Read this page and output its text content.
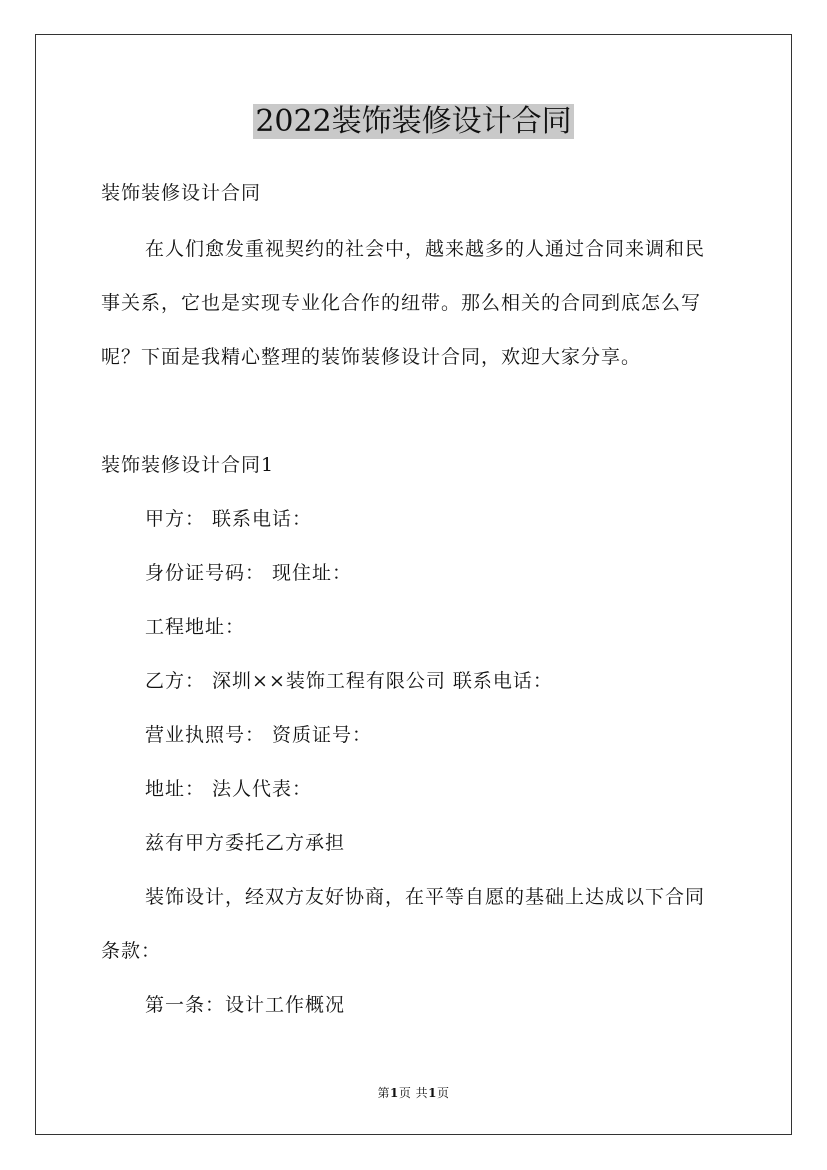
2022装饰装修设计合同
装饰装修设计合同
在人们愈发重视契约的社会中，越来越多的人通过合同来调和民
事关系，它也是实现专业化合作的纽带。那么相关的合同到底怎么写
呢？下面是我精心整理的装饰装修设计合同，欢迎大家分享。
装饰装修设计合同1
甲方： 联系电话：
身份证号码： 现住址：
工程地址：
乙方： 深圳××装饰工程有限公司 联系电话：
营业执照号： 资质证号：
地址： 法人代表：
兹有甲方委托乙方承担
装饰设计，经双方友好协商，在平等自愿的基础上达成以下合同
条款：
第一条：设计工作概况
第1页 共1页
